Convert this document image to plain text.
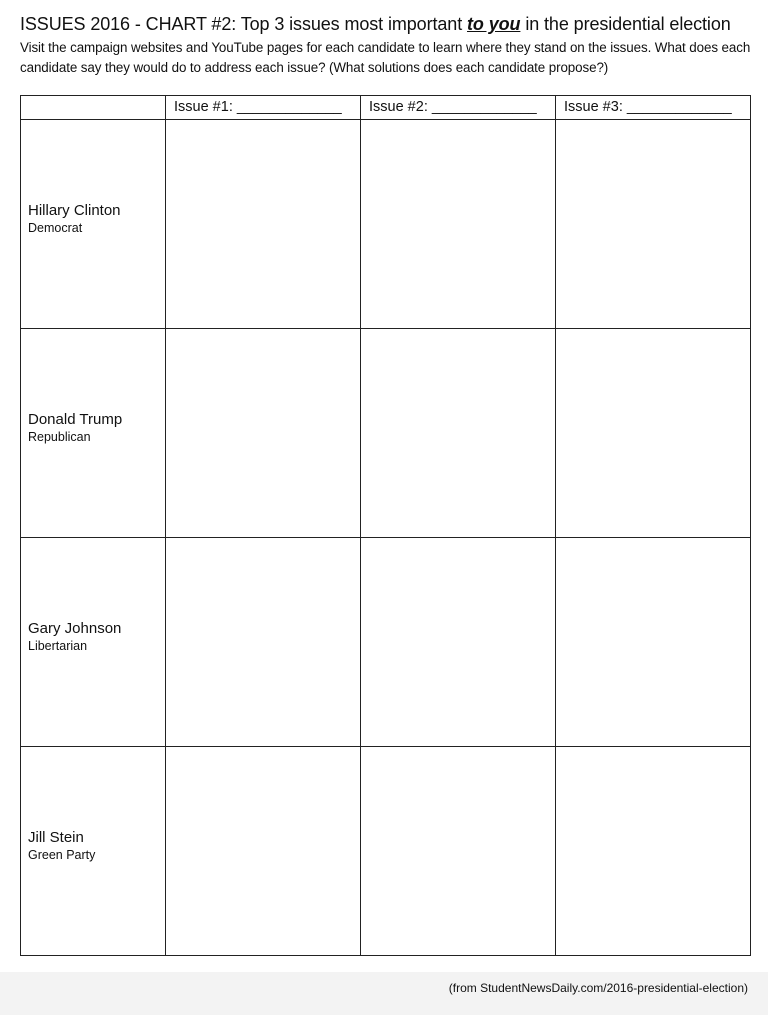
ISSUES 2016 - CHART #2: Top 3 issues most important to you in the presidential election
Visit the campaign websites and YouTube pages for each candidate to learn where they stand on the issues. What does each candidate say they would do to address each issue? (What solutions does each candidate propose?)
	Issue #1: _____________	Issue #2: _____________	Issue #3: _____________

Hillary Clinton
Democrat			

Donald Trump
Republican			

Gary Johnson
Libertarian			

Jill Stein
Green Party			

(from StudentNewsDaily.com/2016-presidential-election)
